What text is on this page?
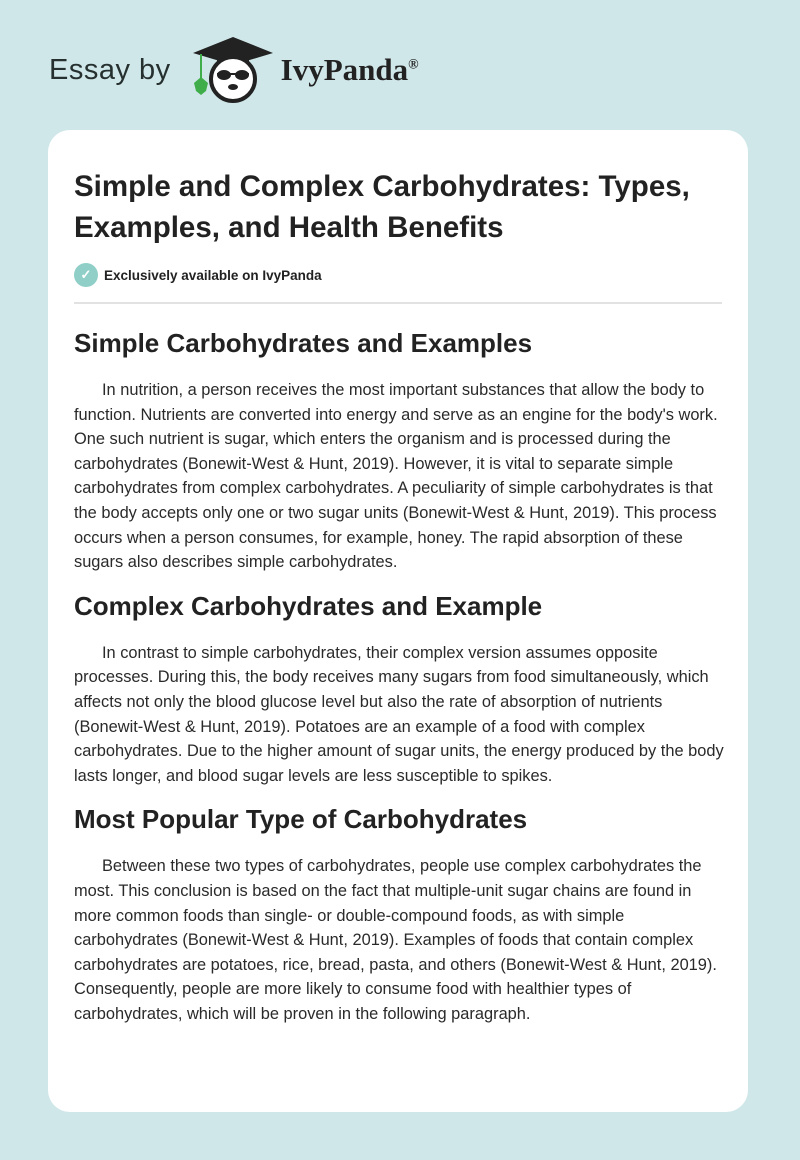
Essay by	IvyPanda®
Simple and Complex Carbohydrates: Types, Examples, and Health Benefits
✓ Exclusively available on IvyPanda
Simple Carbohydrates and Examples

In nutrition, a person receives the most important substances that allow the body to function. Nutrients are converted into energy and serve as an engine for the body's work. One such nutrient is sugar, which enters the organism and is processed during the carbohydrates (Bonewit-West & Hunt, 2019). However, it is vital to separate simple carbohydrates from complex carbohydrates. A peculiarity of simple carbohydrates is that the body accepts only one or two sugar units (Bonewit-West & Hunt, 2019). This process occurs when a person consumes, for example, honey. The rapid absorption of these sugars also describes simple carbohydrates.

Complex Carbohydrates and Example

In contrast to simple carbohydrates, their complex version assumes opposite processes. During this, the body receives many sugars from food simultaneously, which affects not only the blood glucose level but also the rate of absorption of nutrients (Bonewit-West & Hunt, 2019). Potatoes are an example of a food with complex carbohydrates. Due to the higher amount of sugar units, the energy produced by the body lasts longer, and blood sugar levels are less susceptible to spikes.

Most Popular Type of Carbohydrates

Between these two types of carbohydrates, people use complex carbohydrates the most. This conclusion is based on the fact that multiple-unit sugar chains are found in more common foods than single- or double-compound foods, as with simple carbohydrates (Bonewit-West & Hunt, 2019). Examples of foods that contain complex carbohydrates are potatoes, rice, bread, pasta, and others (Bonewit-West & Hunt, 2019). Consequently, people are more likely to consume food with healthier types of carbohydrates, which will be proven in the following paragraph.
